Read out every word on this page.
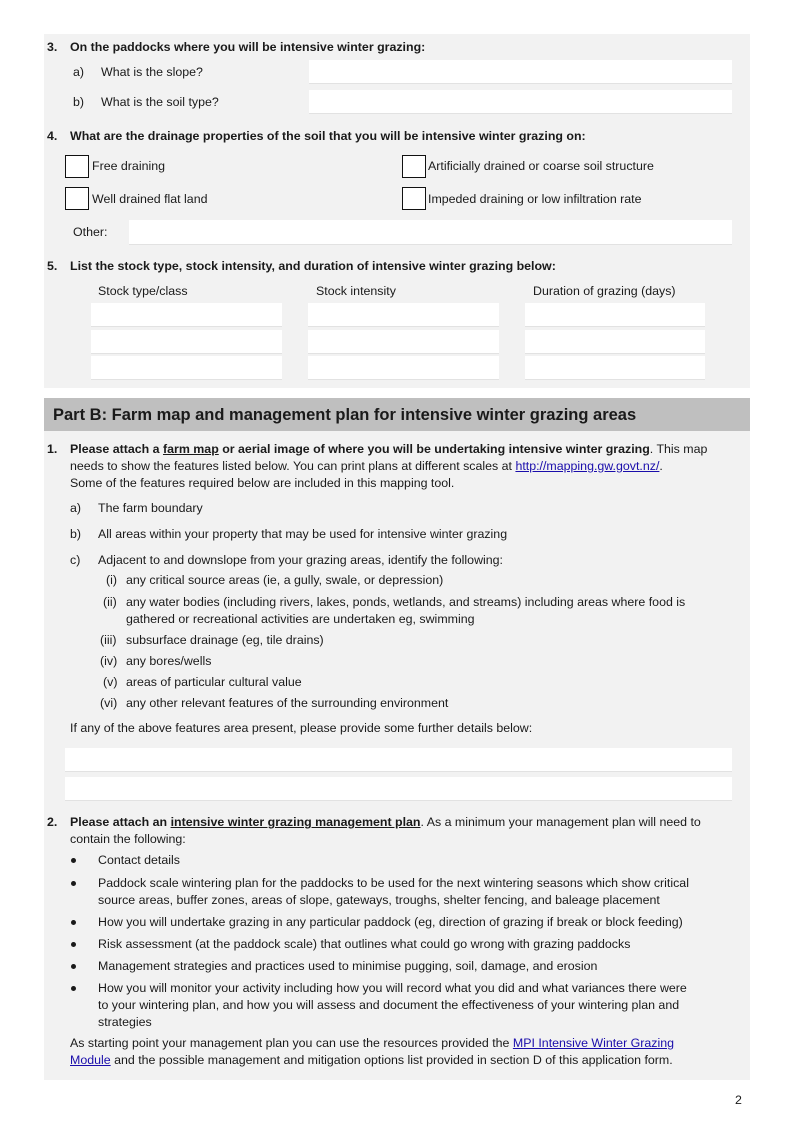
3. On the paddocks where you will be intensive winter grazing:
a) What is the slope?
b) What is the soil type?
4. What are the drainage properties of the soil that you will be intensive winter grazing on:
Free draining	Artificially drained or coarse soil structure
Well drained flat land	Impeded draining or low infiltration rate
Other:
5. List the stock type, stock intensity, and duration of intensive winter grazing below:
Stock type/class	Stock intensity	Duration of grazing (days)
Part B: Farm map and management plan for intensive winter grazing areas
1. Please attach a farm map or aerial image of where you will be undertaking intensive winter grazing. This map
needs to show the features listed below. You can print plans at different scales at http://mapping.gw.govt.nz/.
Some of the features required below are included in this mapping tool.
a) The farm boundary
b) All areas within your property that may be used for intensive winter grazing
c) Adjacent to and downslope from your grazing areas, identify the following:
(i) any critical source areas (ie, a gully, swale, or depression)
(ii) any water bodies (including rivers, lakes, ponds, wetlands, and streams) including areas where food is
gathered or recreational activities are undertaken eg, swimming
(iii) subsurface drainage (eg, tile drains)
(iv) any bores/wells
(v) areas of particular cultural value
(vi) any other relevant features of the surrounding environment
If any of the above features area present, please provide some further details below:
2. Please attach an intensive winter grazing management plan. As a minimum your management plan will need to
contain the following:
Contact details
Paddock scale wintering plan for the paddocks to be used for the next wintering seasons which show critical
source areas, buffer zones, areas of slope, gateways, troughs, shelter fencing, and baleage placement
How you will undertake grazing in any particular paddock (eg, direction of grazing if break or block feeding)
Risk assessment (at the paddock scale) that outlines what could go wrong with grazing paddocks
Management strategies and practices used to minimise pugging, soil, damage, and erosion
How you will monitor your activity including how you will record what you did and what variances there were
to your wintering plan, and how you will assess and document the effectiveness of your wintering plan and
strategies
As starting point your management plan you can use the resources provided the MPI Intensive Winter Grazing
Module and the possible management and mitigation options list provided in section D of this application form.
2
